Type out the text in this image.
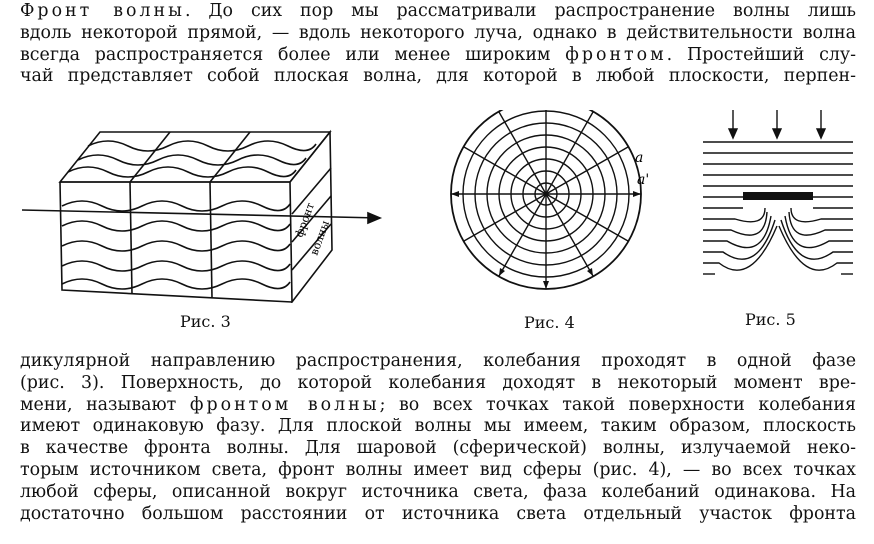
Фронт волны. До сих пор мы рассматривали распространение волны лишь
вдоль некоторой прямой, — вдоль некоторого луча, однако в действительности волна
всегда распространяется более или менее широким фронтом. Простейший слу-
чай представляет собой плоская волна, для которой в любой плоскости, перпен-
фронт
волны
Рис. 3
a
a'
Рис. 4	Рис. 5
дикулярной направлению распространения, колебания проходят в одной фазе
(рис. 3). Поверхность, до которой колебания доходят в некоторый момент вре-
мени, называют фронтом волны; во всех точках такой поверхности колебания
имеют одинаковую фазу. Для плоской волны мы имеем, таким образом, плоскость
в качестве фронта волны. Для шаровой (сферической) волны, излучаемой неко-
торым источником света, фронт волны имеет вид сферы (рис. 4), — во всех точках
любой сферы, описанной вокруг источника света, фаза колебаний одинакова. На
достаточно большом расстоянии от источника света отдельный участок фронта
